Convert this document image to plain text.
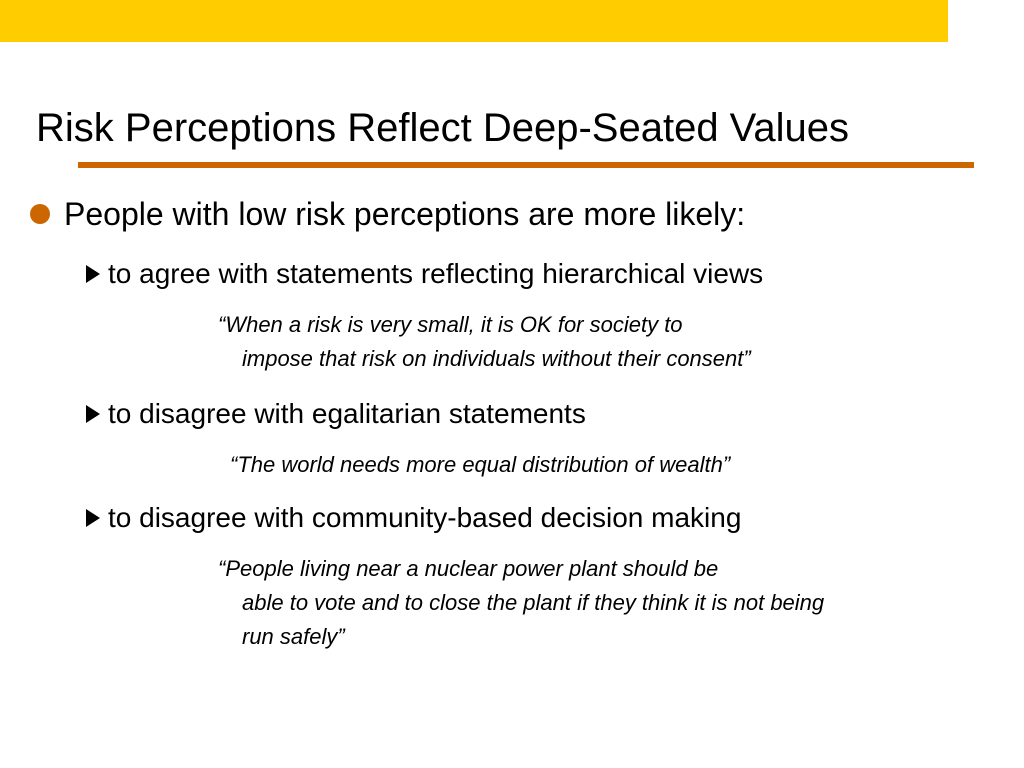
Risk Perceptions Reflect Deep-Seated Values
People with low risk perceptions are more likely:
to agree with statements reflecting hierarchical views
“When a risk is very small, it is OK for society to
impose that risk on individuals without their consent”
to disagree with egalitarian statements
“The world needs more equal distribution of wealth”
to disagree with community-based decision making
“People living near a nuclear power plant should be
able to vote and to close the plant if they think it is not being
run safely”
